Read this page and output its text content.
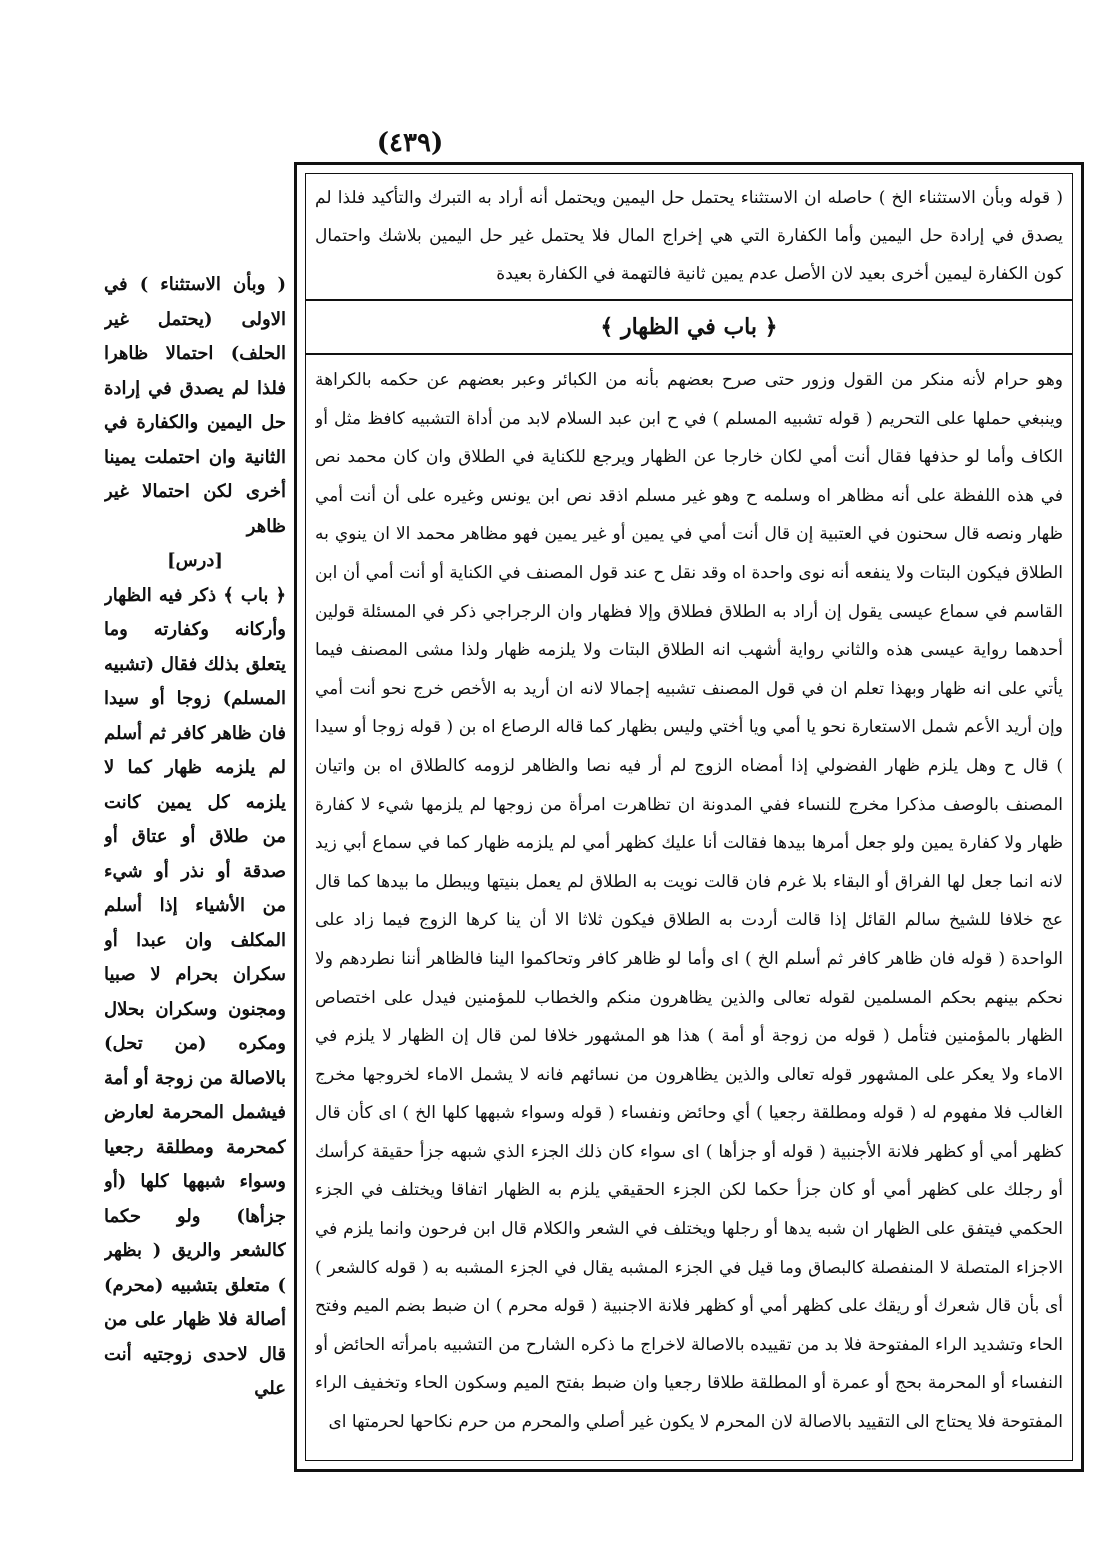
(٤٣٩)
( قوله وبأن الاستثناء الخ ) حاصله ان الاستثناء يحتمل حل اليمين ويحتمل أنه أراد به التبرك والتأكيد فلذا لم يصدق في إرادة حل اليمين وأما الكفارة التي هي إخراج المال فلا يحتمل غير حل اليمين بلاشك واحتمال كون الكفارة ليمين أخرى بعيد لان الأصل عدم يمين ثانية فالتهمة في الكفارة بعيدة
﴿ باب في الظهار ﴾
وهو حرام لأنه منكر من القول وزور حتى صرح بعضهم بأنه من الكبائر وعبر بعضهم عن حكمه بالكراهة وينبغي حملها على التحريم ( قوله تشبيه المسلم ) في ح ابن عبد السلام لابد من أداة التشبيه كافظ مثل أو الكاف وأما لو حذفها فقال أنت أمي لكان خارجا عن الظهار ويرجع للكناية في الطلاق وان كان محمد نص في هذه اللفظة على أنه مظاهر اه وسلمه ح وهو غير مسلم اذقد نص ابن يونس وغيره على أن أنت أمي ظهار ونصه قال سحنون في العتبية إن قال أنت أمي في يمين أو غير يمين فهو مظاهر محمد الا ان ينوي به الطلاق فيكون البتات ولا ينفعه أنه نوى واحدة اه وقد نقل ح عند قول المصنف في الكناية أو أنت أمي أن ابن القاسم في سماع عيسى يقول إن أراد به الطلاق فطلاق وإلا فظهار وان الرجراجي ذكر في المسئلة قولين أحدهما رواية عيسى هذه والثاني رواية أشهب انه الطلاق البتات ولا يلزمه ظهار ولذا مشى المصنف فيما يأتي على انه ظهار وبهذا تعلم ان في قول المصنف تشبيه إجمالا لانه ان أريد به الأخص خرج نحو أنت أمي وإن أريد الأعم شمل الاستعارة نحو يا أمي ويا أختي وليس بظهار كما قاله الرصاع اه بن ( قوله زوجا أو سيدا ) قال ح وهل يلزم ظهار الفضولي إذا أمضاه الزوج لم أر فيه نصا والظاهر لزومه كالطلاق اه بن واتيان المصنف بالوصف مذكرا مخرج للنساء ففي المدونة ان تظاهرت امرأة من زوجها لم يلزمها شيء لا كفارة ظهار ولا كفارة يمين ولو جعل أمرها بيدها فقالت أنا عليك كظهر أمي لم يلزمه ظهار كما في سماع أبي زيد لانه انما جعل لها الفراق أو البقاء بلا غرم فان قالت نويت به الطلاق لم يعمل بنيتها ويبطل ما بيدها كما قال عج خلافا للشيخ سالم القائل إذا قالت أردت به الطلاق فيكون ثلاثا الا أن ينا كرها الزوج فيما زاد على الواحدة ( قوله فان ظاهر كافر ثم أسلم الخ ) اى وأما لو ظاهر كافر وتحاكموا الينا فالظاهر أننا نطردهم ولا نحكم بينهم بحكم المسلمين لقوله تعالى والذين يظاهرون منكم والخطاب للمؤمنين فيدل على اختصاص الظهار بالمؤمنين فتأمل ( قوله من زوجة أو أمة ) هذا هو المشهور خلافا لمن قال إن الظهار لا يلزم في الاماء ولا يعكر على المشهور قوله تعالى والذين يظاهرون من نسائهم فانه لا يشمل الاماء لخروجها مخرج الغالب فلا مفهوم له ( قوله ومطلقة رجعيا ) أي وحائض ونفساء ( قوله وسواء شبهها كلها الخ ) اى كأن قال كظهر أمي أو كظهر فلانة الأجنبية ( قوله أو جزأها ) اى سواء كان ذلك الجزء الذي شبهه جزأ حقيقة كرأسك أو رجلك على كظهر أمي أو كان جزأ حكما لكن الجزء الحقيقي يلزم به الظهار اتفاقا ويختلف في الجزء الحكمي فيتفق على الظهار ان شبه يدها أو رجلها ويختلف في الشعر والكلام قال ابن فرحون وانما يلزم في الاجزاء المتصلة لا المنفصلة كالبصاق وما قيل في الجزء المشبه يقال في الجزء المشبه به ( قوله كالشعر ) أى بأن قال شعرك أو ريقك على كظهر أمي أو كظهر فلانة الاجنبية ( قوله محرم ) ان ضبط بضم الميم وفتح الحاء وتشديد الراء المفتوحة فلا بد من تقييده بالاصالة لاخراج ما ذكره الشارح من التشبيه بامرأته الحائض أو النفساء أو المحرمة بحج أو عمرة أو المطلقة طلاقا رجعيا وان ضبط بفتح الميم وسكون الحاء وتخفيف الراء المفتوحة فلا يحتاج الى التقييد بالاصالة لان المحرم لا يكون غير أصلي والمحرم من حرم نكاحها لحرمتها اى
( وبأن الاستثناء ) في الاولى (يحتمل غير الحلف) احتمالا ظاهرا فلذا لم يصدق في إرادة حل اليمين والكفارة في الثانية وان احتملت يمينا أخرى لكن احتمالا غير ظاهر
[درس]
﴿ باب ﴾ ذكر فيه الظهار وأركانه وكفارته وما يتعلق بذلك فقال (تشبيه المسلم) زوجا أو سيدا فان ظاهر كافر ثم أسلم لم يلزمه ظهار كما لا يلزمه كل يمين كانت من طلاق أو عتاق أو صدقة أو نذر أو شيء من الأشياء إذا أسلم المكلف وان عبدا أو سكران بحرام لا صبيا ومجنون وسكران بحلال ومكره (من تحل) بالاصالة من زوجة أو أمة فيشمل المحرمة لعارض كمحرمة ومطلقة رجعيا وسواء شبهها كلها (أو جزأها) ولو حكما كالشعر والريق ( بظهر ) متعلق بتشبيه (محرم) أصالة فلا ظهار على من قال لاحدى زوجتيه أنت علي
